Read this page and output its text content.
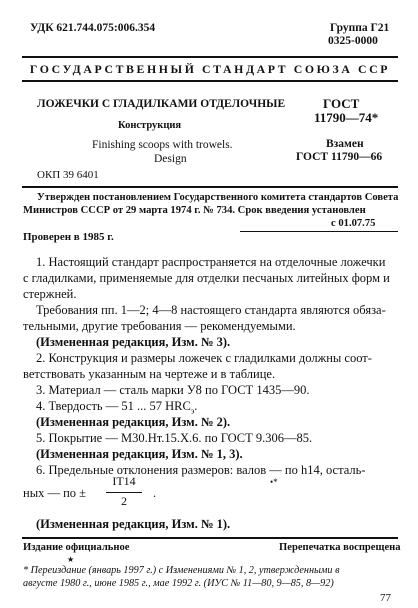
УДК 621.744.075:006.354	Группа Г21
0325-0000
ГОСУДАРСТВЕННЫЙ СТАНДАРТ СОЮЗА ССР
ЛОЖЕЧКИ С ГЛАДИЛКАМИ ОТДЕЛОЧНЫЕ
Конструкция
Finishing scoops with trowels.
Design
ГОСТ
11790—74*
Взамен
ГОСТ 11790—66
ОКП 39 6401
Утвержден постановлением Государственного комитета стандартов Совета
Министров СССР от 29 марта 1974 г. № 734. Срок введения установлен
с 01.07.75
Проверен в 1985 г.
1. Настоящий стандарт распространяется на отделочные ложечки
с гладилками, применяемые для отделки песчаных литейных форм и
стержней.
Требования пп. 1—2; 4—8 настоящего стандарта являются обяза-
тельными, другие требования — рекомендуемыми.
(Измененная редакция, Изм. № 3).
2. Конструкция и размеры ложечек с гладилками должны соот-
ветствовать указанным на чертеже и в таблице.
3. Материал — сталь марки У8 по ГОСТ 1435—90.
4. Твердость — 51 ... 57 $HRC_э$.
(Измененная редакция, Изм. № 2).
5. Покрытие — М30.Нт.15.Х.6. по ГОСТ 9.306—85.
(Измененная редакция, Изм. № 1, 3).
6. Предельные отклонения размеров: валов — по h14, осталь-
•*
ных — по ±
IT14
2
.
(Измененная редакция, Изм. № 1).
Издание официальное	Перепечатка воспрещена
★
* Переиздание (январь 1997 г.) с Изменениями № 1, 2, утвержденными в
августе 1980 г., июне 1985 г., мае 1992 г. (ИУС № 11—80, 9—85, 8—92)
77
